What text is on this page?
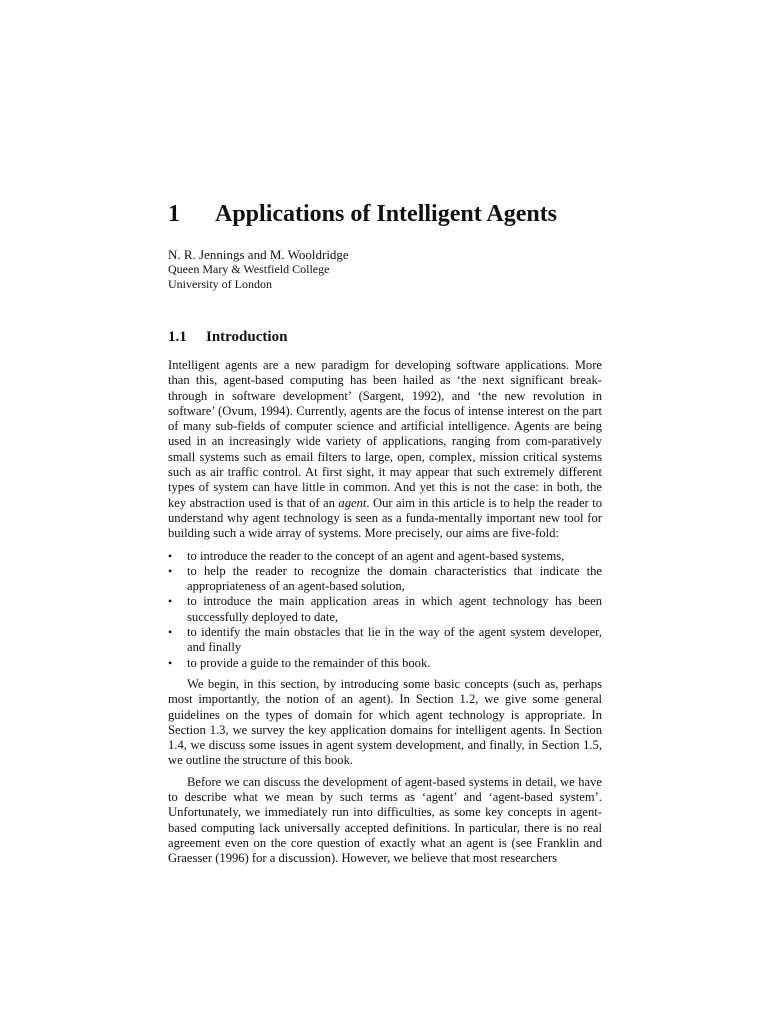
1 Applications of Intelligent Agents
N. R. Jennings and M. Wooldridge
Queen Mary & Westfield College
University of London
1.1 Introduction

Intelligent agents are a new paradigm for developing software applications. More than this, agent-based computing has been hailed as ‘the next significant break-through in software development’ (Sargent, 1992), and ‘the new revolution in software’ (Ovum, 1994). Currently, agents are the focus of intense interest on the part of many sub-fields of computer science and artificial intelligence. Agents are being used in an increasingly wide variety of applications, ranging from com-paratively small systems such as email filters to large, open, complex, mission critical systems such as air traffic control. At first sight, it may appear that such extremely different types of system can have little in common. And yet this is not the case: in both, the key abstraction used is that of an agent. Our aim in this article is to help the reader to understand why agent technology is seen as a funda-mentally important new tool for building such a wide array of systems. More precisely, our aims are five-fold:

•	to introduce the reader to the concept of an agent and agent-based systems,
•	to help the reader to recognize the domain characteristics that indicate the appropriateness of an agent-based solution,
•	to introduce the main application areas in which agent technology has been successfully deployed to date,
•	to identify the main obstacles that lie in the way of the agent system developer, and finally
•	to provide a guide to the remainder of this book.

We begin, in this section, by introducing some basic concepts (such as, perhaps most importantly, the notion of an agent). In Section 1.2, we give some general guidelines on the types of domain for which agent technology is appropriate. In Section 1.3, we survey the key application domains for intelligent agents. In Section 1.4, we discuss some issues in agent system development, and finally, in Section 1.5, we outline the structure of this book.

Before we can discuss the development of agent-based systems in detail, we have to describe what we mean by such terms as ‘agent’ and ‘agent-based system’. Unfortunately, we immediately run into difficulties, as some key concepts in agent-based computing lack universally accepted definitions. In particular, there is no real agreement even on the core question of exactly what an agent is (see Franklin and Graesser (1996) for a discussion). However, we believe that most researchers
